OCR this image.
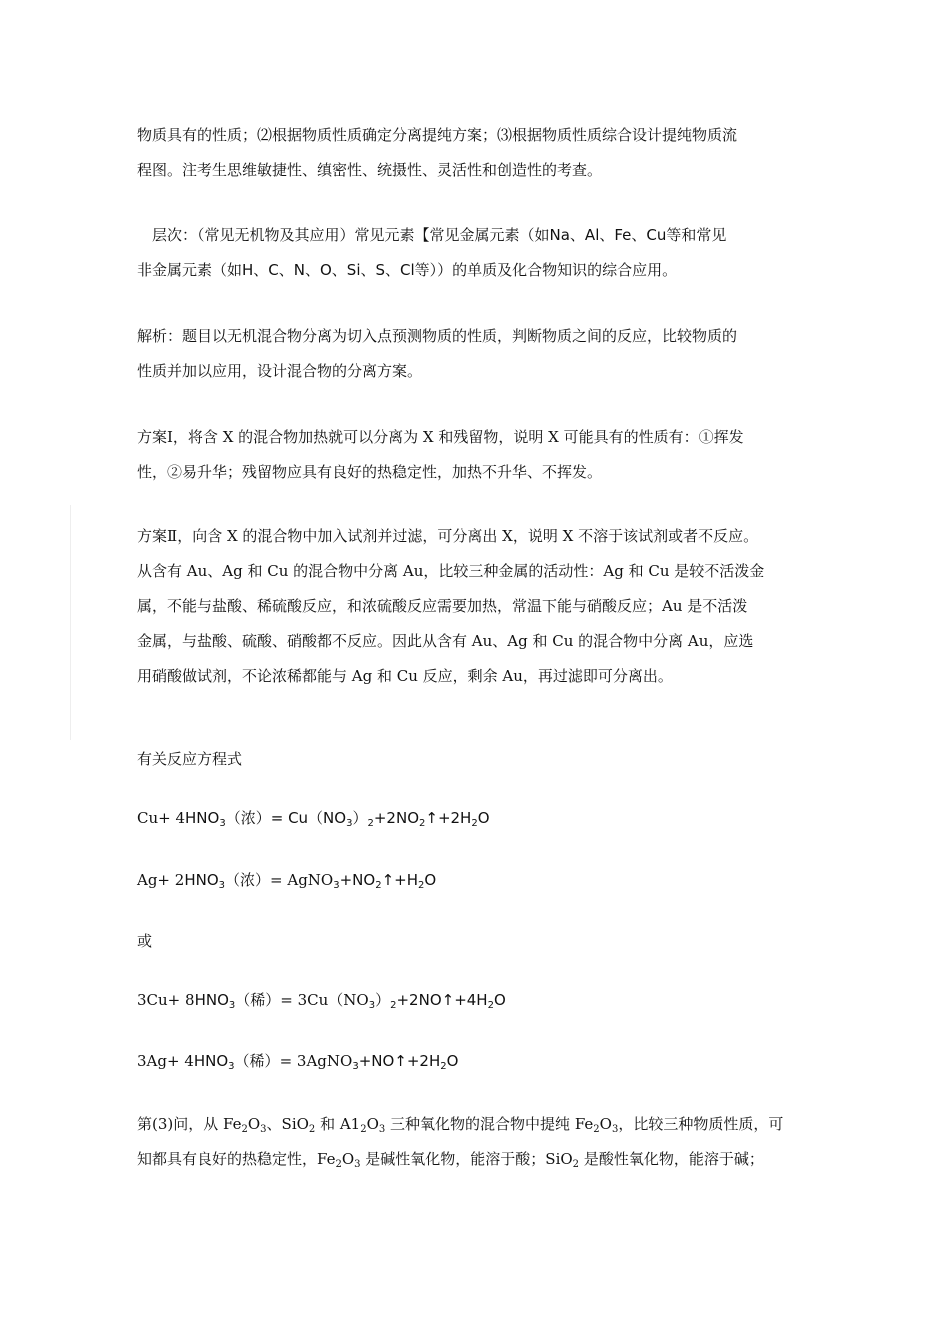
物质具有的性质；⑵根据物质性质确定分离提纯方案；⑶根据物质性质综合设计提纯物质流
程图。注考生思维敏捷性、缜密性、统摄性、灵活性和创造性的考查。
层次：（常见无机物及其应用）常见元素【常见金属元素（如Na、Al、Fe、Cu等和常见
非金属元素（如H、C、N、O、Si、S、Cl等））的单质及化合物知识的综合应用。
解析：题目以无机混合物分离为切入点预测物质的性质，判断物质之间的反应，比较物质的
性质并加以应用，设计混合物的分离方案。
方案Ⅰ，将含 X 的混合物加热就可以分离为 X 和残留物，说明 X 可能具有的性质有：①挥发
性，②易升华；残留物应具有良好的热稳定性，加热不升华、不挥发。
方案Ⅱ，向含 X 的混合物中加入试剂并过滤，可分离出 X，说明 X 不溶于该试剂或者不反应。
从含有 Au、Ag 和 Cu 的混合物中分离 Au，比较三种金属的活动性：Ag 和 Cu 是较不活泼金
属，不能与盐酸、稀硫酸反应，和浓硫酸反应需要加热，常温下能与硝酸反应；Au 是不活泼
金属，与盐酸、硫酸、硝酸都不反应。因此从含有 Au、Ag 和 Cu 的混合物中分离 Au，应选
用硝酸做试剂，不论浓稀都能与 Ag 和 Cu 反应，剩余 Au，再过滤即可分离出。
有关反应方程式
$Cu+ 4HNO_3$（浓）= $Cu(NO_3)_2+2NO_2↑+2H_2O$
$Ag+ 2HNO_3$（浓）= $AgNO_3+NO_2↑+H_2O$
或
$3Cu+ 8HNO_3$（稀）= $3Cu(NO_3)_2+2NO↑+4H_2O$
$3Ag+ 4HNO_3$（稀）= $3AgNO_3+NO↑+2H_2O$
第(3)问，从 $Fe_2O_3$、SiO$_2$ 和 $A1_2O_3$ 三种氧化物的混合物中提纯 $Fe_2O_3$，比较三种物质性质，可
知都具有良好的热稳定性，$Fe_2O_3$ 是碱性氧化物，能溶于酸；SiO$_2$ 是酸性氧化物，能溶于碱；
